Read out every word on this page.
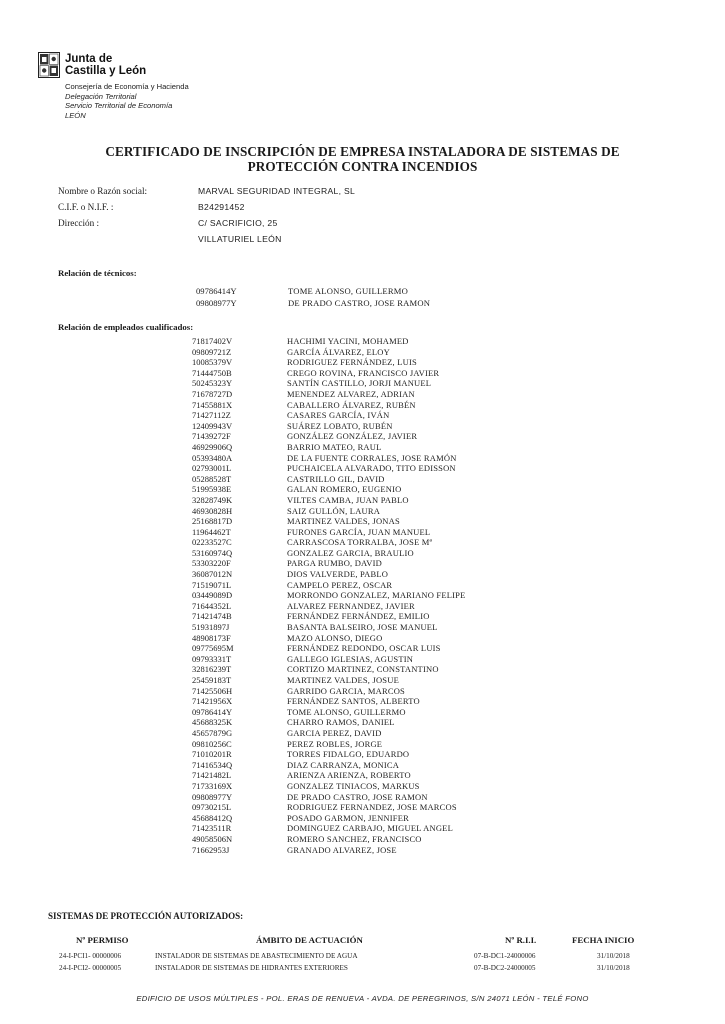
Junta de
Castilla y León
Consejería de Economía y Hacienda
Delegación Territorial
Servicio Territorial de Economía
LEÓN
CERTIFICADO DE INSCRIPCIÓN DE EMPRESA INSTALADORA DE SISTEMAS DE
PROTECCIÓN CONTRA INCENDIOS
Nombre o Razón social:	MARVAL SEGURIDAD INTEGRAL, SL
C.I.F. o N.I.F. :	B24291452
Dirección :	C/ SACRIFICIO, 25
VILLATURIEL LEÓN
Relación de técnicos:
09786414Y	TOME ALONSO, GUILLERMO
09808977Y	DE PRADO CASTRO, JOSE RAMON
Relación de empleados cualificados:
71817402V	HACHIMI YACINI, MOHAMED
09809721Z	GARCÍA ÁLVAREZ, ELOY
10085379V	RODRIGUEZ FERNÁNDEZ, LUIS
71444750B	CREGO ROVINA, FRANCISCO JAVIER
50245323Y	SANTÍN CASTILLO, JORJI MANUEL
71678727D	MENENDEZ ALVAREZ, ADRIAN
71455881X	CABALLERO ÁLVAREZ, RUBÉN
71427112Z	CASARES GARCÍA, IVÁN
12409943V	SUÁREZ LOBATO, RUBÉN
71439272F	GONZÁLEZ GONZÁLEZ, JAVIER
46929906Q	BARRIO MATEO, RAUL
05393480A	DE LA FUENTE CORRALES, JOSE RAMÓN
02793001L	PUCHAICELA ALVARADO, TITO EDISSON
05288528T	CASTRILLO GIL, DAVID
51995938E	GALAN ROMERO, EUGENIO
32828749K	VILTES CAMBA, JUAN PABLO
46930828H	SAIZ GULLÓN, LAURA
25168817D	MARTINEZ VALDES, JONAS
11964462T	FURONES GARCÍA, JUAN MANUEL
02233527C	CARRASCOSA TORRALBA, JOSE Mª
53160974Q	GONZALEZ GARCIA, BRAULIO
53303220F	PARGA RUMBO, DAVID
36087012N	DIOS VALVERDE, PABLO
71519071L	CAMPELO PEREZ, OSCAR
03449089D	MORRONDO GONZALEZ, MARIANO FELIPE
71644352L	ALVAREZ FERNANDEZ, JAVIER
71421474B	FERNÁNDEZ FERNÁNDEZ, EMILIO
51931897J	BASANTA BALSEIRO, JOSE MANUEL
48908173F	MAZO ALONSO, DIEGO
09775695M	FERNÁNDEZ REDONDO, OSCAR LUIS
09793331T	GALLEGO IGLESIAS, AGUSTIN
32816239T	CORTIZO MARTINEZ, CONSTANTINO
25459183T	MARTINEZ VALDES, JOSUE
71425506H	GARRIDO GARCIA, MARCOS
71421956X	FERNÁNDEZ SANTOS, ALBERTO
09786414Y	TOME ALONSO, GUILLERMO
45688325K	CHARRO RAMOS, DANIEL
45657879G	GARCIA PEREZ, DAVID
09810256C	PEREZ ROBLES, JORGE
71010201R	TORRES FIDALGO, EDUARDO
71416534Q	DIAZ CARRANZA, MONICA
71421482L	ARIENZA ARIENZA, ROBERTO
71733169X	GONZALEZ TINIACOS, MARKUS
09808977Y	DE PRADO CASTRO, JOSE RAMON
09730215L	RODRIGUEZ FERNANDEZ, JOSE MARCOS
45688412Q	POSADO GARMON, JENNIFER
71423511R	DOMINGUEZ CARBAJO, MIGUEL ANGEL
49058506N	ROMERO SANCHEZ, FRANCISCO
71662953J	GRANADO ALVAREZ, JOSE
SISTEMAS DE PROTECCIÓN AUTORIZADOS:
Nº PERMISO	ÁMBITO DE ACTUACIÓN	Nº R.I.I.	FECHA INICIO
24-I-PCI1- 00000006	INSTALADOR DE SISTEMAS DE ABASTECIMIENTO DE AGUA	07-B-DC1-24000006	31/10/2018
24-I-PCI2- 00000005	INSTALADOR DE SISTEMAS DE HIDRANTES EXTERIORES	07-B-DC2-24000005	31/10/2018
EDIFICIO DE USOS MÚLTIPLES - POL. ERAS DE RENUEVA - AVDA. DE PEREGRINOS, S/N 24071 LEÓN - TELÉ FONO
